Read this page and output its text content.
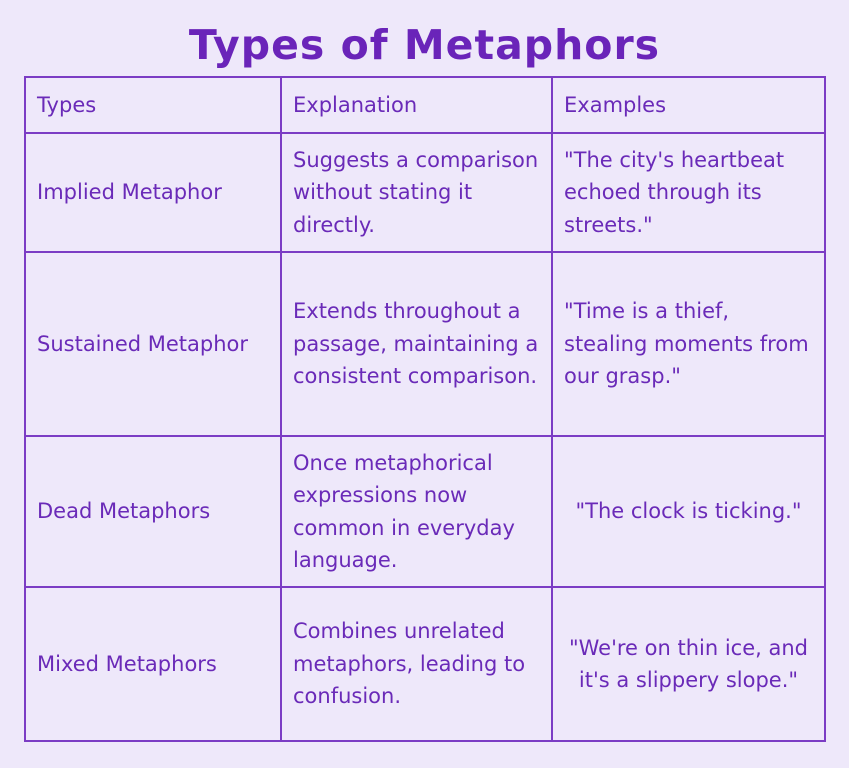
Types of Metaphors
Types	Explanation	Examples
Implied Metaphor	Suggests a comparison without stating it directly.	"The city's heartbeat echoed through its streets."
Sustained Metaphor	Extends throughout a passage, maintaining a consistent comparison.	"Time is a thief, stealing moments from our grasp."
Dead Metaphors	Once metaphorical expressions now common in everyday language.	"The clock is ticking."
Mixed Metaphors	Combines unrelated metaphors, leading to confusion.	"We're on thin ice, and it's a slippery slope."
